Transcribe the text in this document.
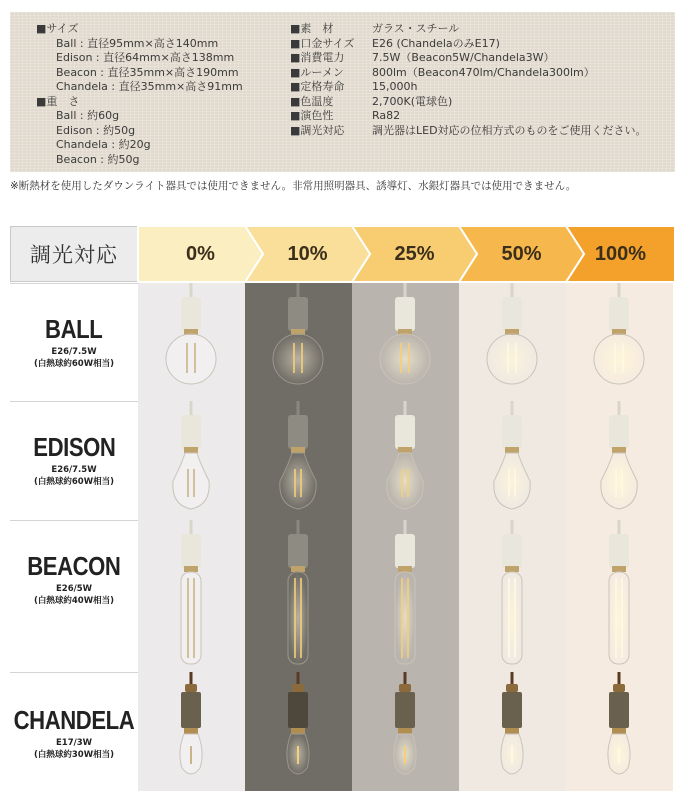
■サイズ
Ball : 直径95mm×高さ140mm
Edison : 直径64mm×高さ138mm
Beacon : 直径35mm×高さ190mm
Chandela : 直径35mm×高さ91mm
■重　さ
Ball : 約60g
Edison : 約50g
Chandela : 約20g
Beacon : 約50g
■素　材	ガラス・スチール
■口金サイズ	E26 (ChandelaのみE17)
■消費電力	7.5W（Beacon5W/Chandela3W）
■ルーメン	800lm（Beacon470lm/Chandela300lm）
■定格寿命	15,000h
■色温度	2,700K(電球色)
■演色性	Ra82
■調光対応	調光器はLED対応の位相方式のものをご使用ください。
※断熱材を使用したダウンライト器具では使用できません。非常用照明器具、誘導灯、水銀灯器具では使用できません。
調光対応	0%	10%	25%	50%	100%
BALL
E26/7.5W
(白熱球約60W相当)
EDISON
E26/7.5W
(白熱球約60W相当)
BEACON
E26/5W
(白熱球約40W相当)
CHANDELA
E17/3W
(白熱球約30W相当)
